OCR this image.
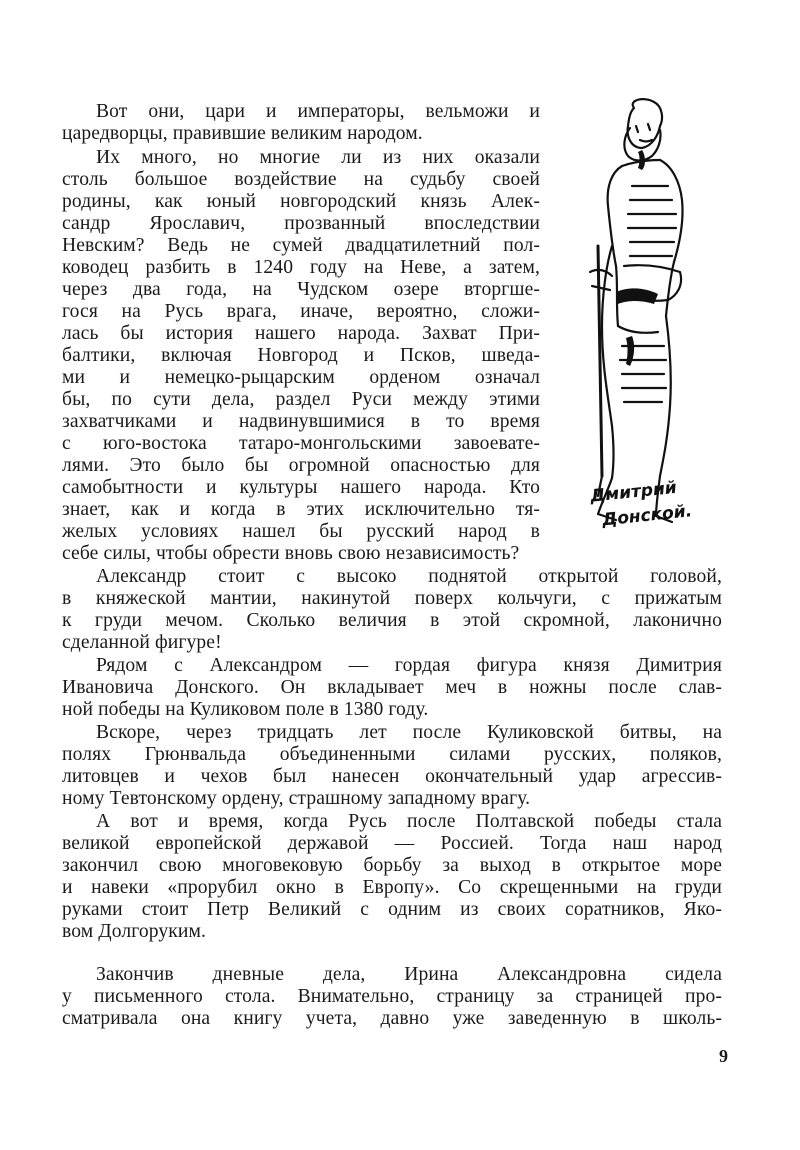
Вот они, цари и императоры, вельможи и
царедворцы, правившие великим народом.
Их много, но многие ли из них оказали
столь большое воздействие на судьбу своей
родины, как юный новгородский князь Алек-
сандр Ярославич, прозванный впоследствии
Невским? Ведь не сумей двадцатилетний пол-
ководец разбить в 1240 году на Неве, а затем,
через два года, на Чудском озере вторгше-
гося на Русь врага, иначе, вероятно, сложи-
лась бы история нашего народа. Захват При-
балтики, включая Новгород и Псков, шведа-
ми и немецко-рыцарским орденом означал
бы, по сути дела, раздел Руси между этими
захватчиками и надвинувшимися в то время
с юго-востока татаро-монгольскими завоевате-
лями. Это было бы огромной опасностью для
самобытности и культуры нашего народа. Кто
знает, как и когда в этих исключительно тя-
желых условиях нашел бы русский народ в
себе силы, чтобы обрести вновь свою независимость?
Александр стоит с высоко поднятой открытой головой,
в княжеской мантии, накинутой поверх кольчуги, с прижатым
к груди мечом. Сколько величия в этой скромной, лаконично
сделанной фигуре!
Рядом с Александром — гордая фигура князя Димитрия
Ивановича Донского. Он вкладывает меч в ножны после слав-
ной победы на Куликовом поле в 1380 году.
Вскоре, через тридцать лет после Куликовской битвы, на
полях Грюнвальда объединенными силами русских, поляков,
литовцев и чехов был нанесен окончательный удар агрессив-
ному Тевтонскому ордену, страшному западному врагу.
А вот и время, когда Русь после Полтавской победы стала
великой европейской державой — Россией. Тогда наш народ
закончил свою многовековую борьбу за выход в открытое море
и навеки «прорубил окно в Европу». Со скрещенными на груди
руками стоит Петр Великий с одним из своих соратников, Яко-
вом Долгоруким.
Закончив дневные дела, Ирина Александровна сидела
у письменного стола. Внимательно, страницу за страницей про-
сматривала она книгу учета, давно уже заведенную в школь-
Дмитрий
Донской.
9
